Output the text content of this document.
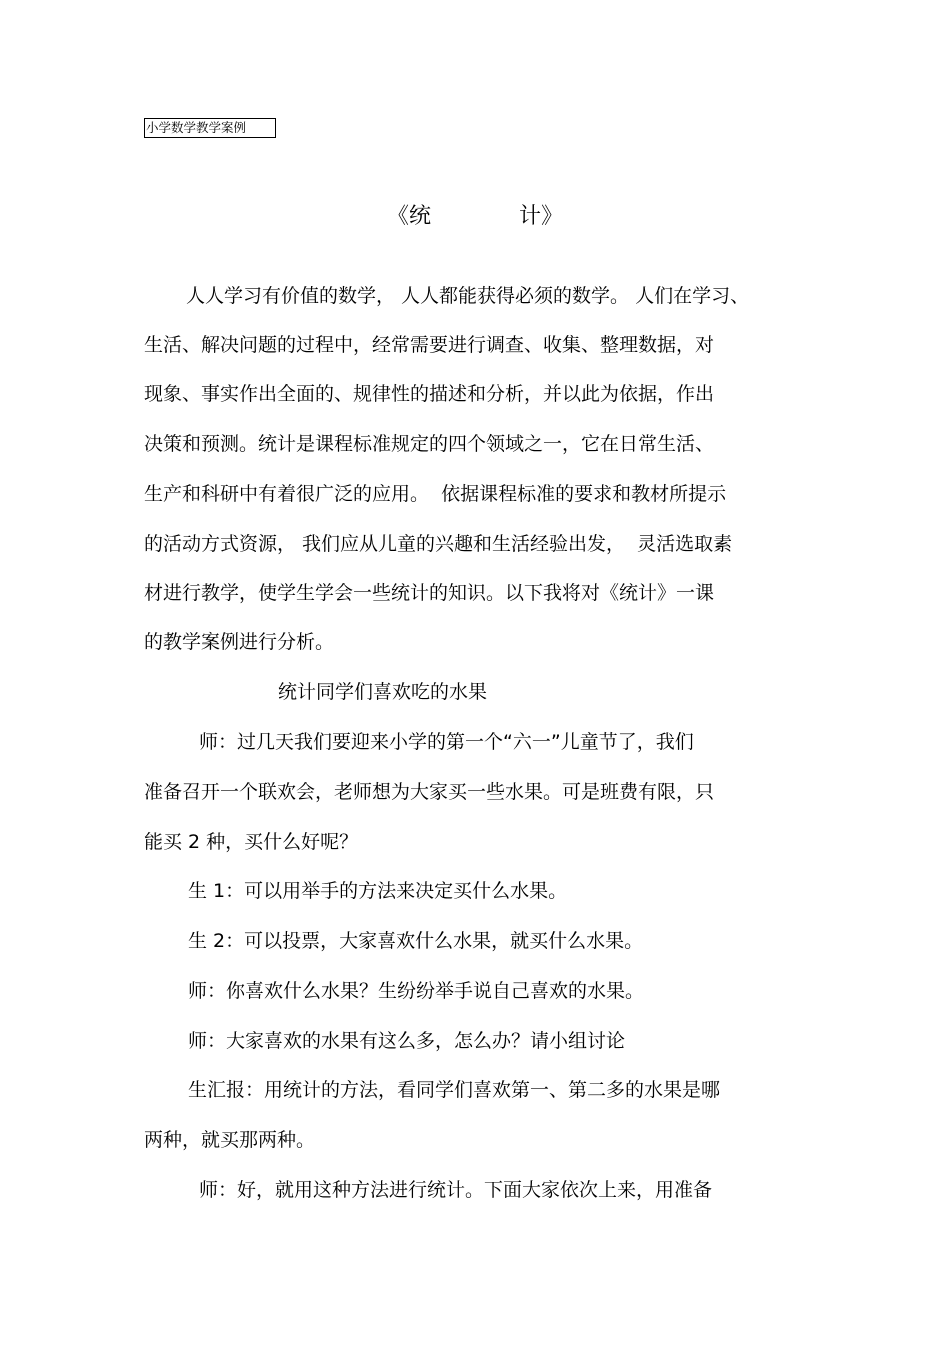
小学数学教学案例
《统　　　　计》
人人学习有价值的数学， 人人都能获得必须的数学。 人们在学习、
生活、解决问题的过程中，经常需要进行调查、收集、整理数据，对
现象、事实作出全面的、规律性的描述和分析，并以此为依据，作出
决策和预测。统计是课程标准规定的四个领域之一，它在日常生活、
生产和科研中有着很广泛的应用。  依据课程标准的要求和教材所提示
的活动方式资源， 我们应从儿童的兴趣和生活经验出发，  灵活选取素
材进行教学，使学生学会一些统计的知识。以下我将对《统计》一课
的教学案例进行分析。
统计同学们喜欢吃的水果
师：过几天我们要迎来小学的第一个“六一”儿童节了，我们
准备召开一个联欢会，老师想为大家买一些水果。可是班费有限，只
能买 2 种，买什么好呢？
生 1：可以用举手的方法来决定买什么水果。
生 2：可以投票，大家喜欢什么水果，就买什么水果。
师：你喜欢什么水果？生纷纷举手说自己喜欢的水果。
师：大家喜欢的水果有这么多，怎么办？请小组讨论
生汇报：用统计的方法，看同学们喜欢第一、第二多的水果是哪
两种，就买那两种。
师：好，就用这种方法进行统计。下面大家依次上来，用准备
